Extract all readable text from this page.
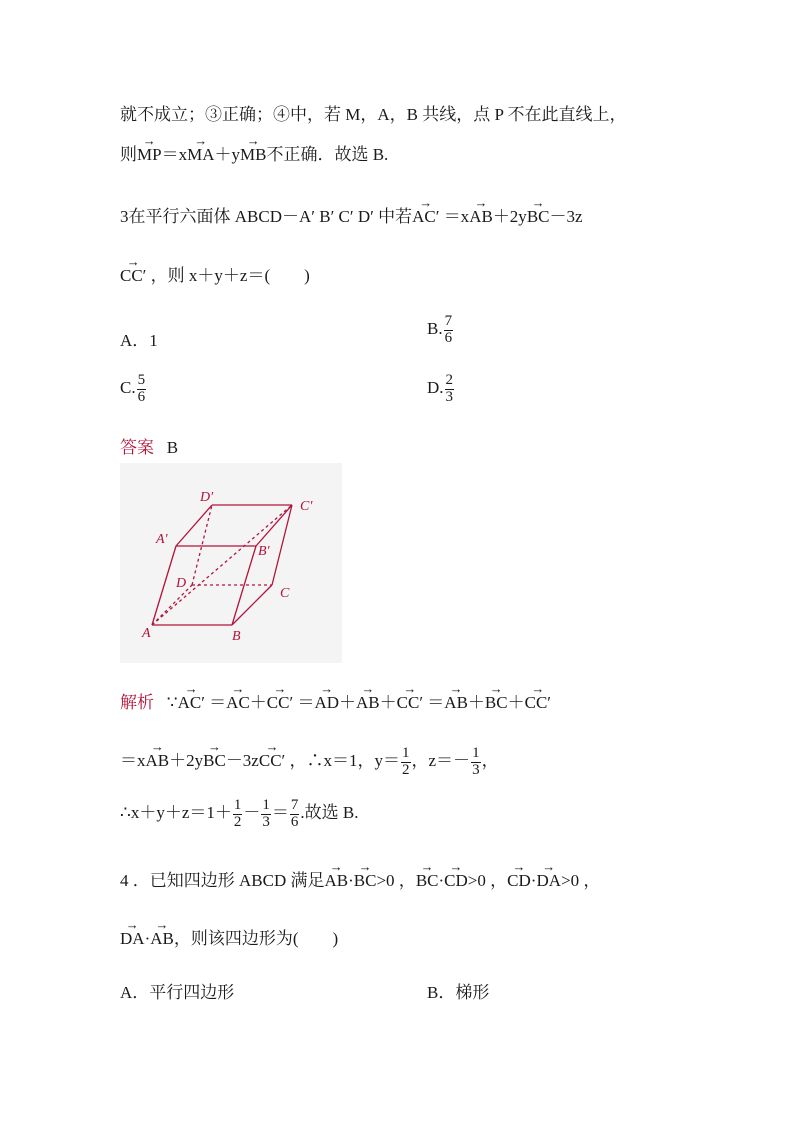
就不成立；③正确；④中，若 M，A，B 共线，点 P 不在此直线上，
则
→
MP＝x
→
MA＋y
→
MB不正确．故选 B.
3在平行六面体 ABCD－A′ B′ C′ D′ 中若
→
AC′ ＝x
→
AB＋2y
→
BC－3z
→
CC′ ，则 x＋y＋z＝(　　)
A．1
B. $\frac{7}{6}$
C. $\frac{5}{6}$	D. $\frac{2}{3}$
答案 B
A	B
C
D
A′
B′
C′
D′
解析 ∵
→
AC′ ＝
→
AC＋
→
CC′ ＝
→
AD＋
→
AB＋
→
CC′ ＝
→
AB＋
→
BC＋
→
CC′
＝x
→
AB＋2y
→
BC－3z
→
CC′ ，∴x＝1，$y= \frac{1}{2}$ ，$z=- \frac{1}{3}$ ，
∴x＋y＋z＝1＋ $\frac{1}{2} - \frac{1}{3} = \frac{7}{6}$ .故选 B.
4 ．已知四边形 ABCD 满足
→
AB·
→
BC>0 ，
→
BC·
→
CD>0 ，
→
CD·
→
DA>0 ，
→
DA·
→
AB，则该四边形为(　　)
A．平行四边形	B．梯形
